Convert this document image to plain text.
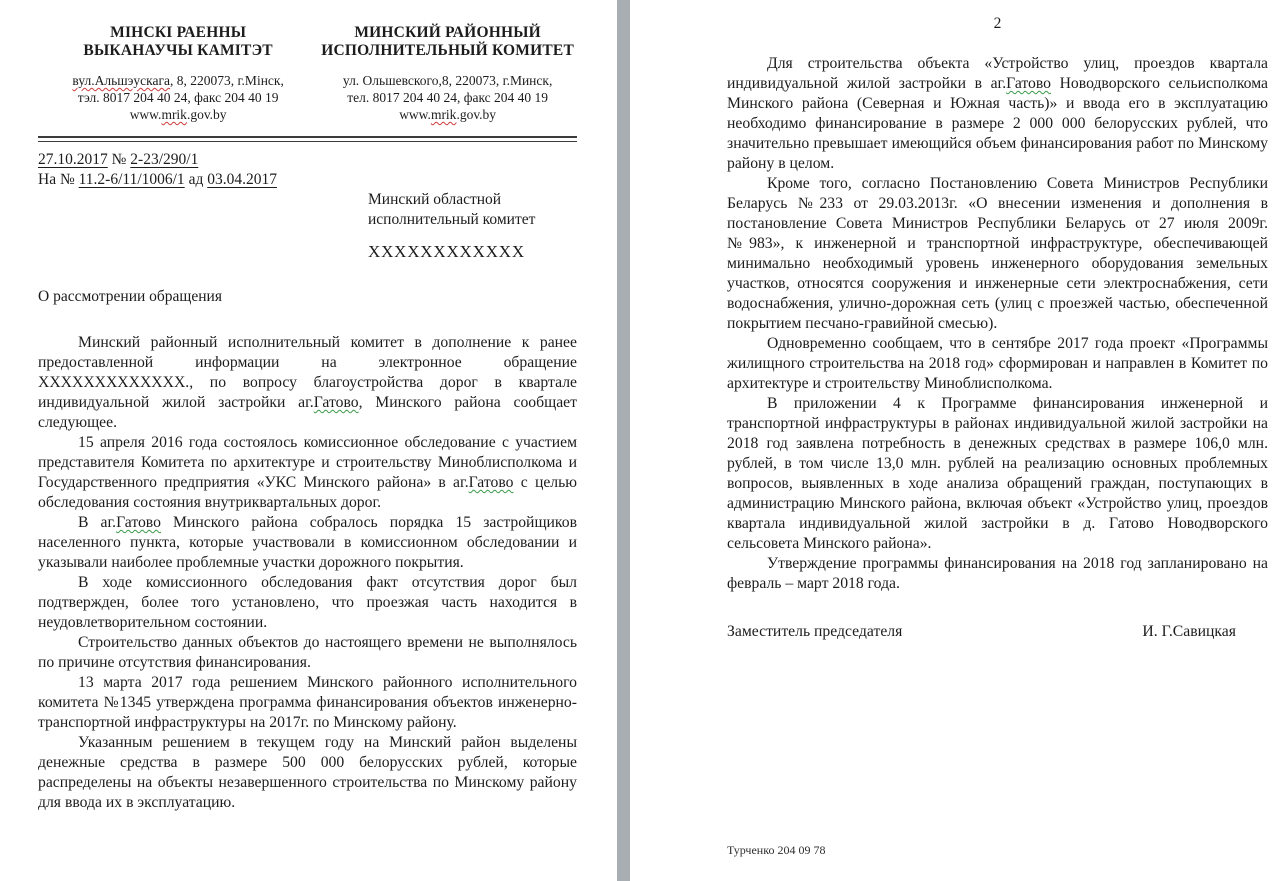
МІНСКІ РАЕННЫ
ВЫКАНАУЧЫ КАМІТЭТ
вул.Альшэускага, 8, 220073, г.Мінск,
тэл. 8017 204 40 24, факс 204 40 19
www.mrik.gov.by
МИНСКИЙ РАЙОННЫЙ
ИСПОЛНИТЕЛЬНЫЙ КОМИТЕТ
ул. Ольшевского,8, 220073, г.Минск,
тел. 8017 204 40 24, факс 204 40 19
www.mrik.gov.by
27.10.2017 № 2-23/290/1
На № 11.2-6/11/1006/1 ад 03.04.2017
Минский областной
исполнительный комитет
ХХХХХХХХХХХХ
О рассмотрении обращения

Минский районный исполнительный комитет в дополнение к ранее предоставленной информации на электронное обращение ХХХХХХХХХХХХХ., по вопросу благоустройства дорог в квартале индивидуальной жилой застройки аг.Гатово, Минского района сообщает следующее.

15 апреля 2016 года состоялось комиссионное обследование с участием представителя Комитета по архитектуре и строительству Миноблисполкома и Государственного предприятия «УКС Минского района» в аг.Гатово с целью обследования состояния внутриквартальных дорог.

В аг.Гатово Минского района собралось порядка 15 застройщиков населенного пункта, которые участвовали в комиссионном обследовании и указывали наиболее проблемные участки дорожного покрытия.

В ходе комиссионного обследования факт отсутствия дорог был подтвержден, более того установлено, что проезжая часть находится в неудовлетворительном состоянии.

Строительство данных объектов до настоящего времени не выполнялось по причине отсутствия финансирования.

13 марта 2017 года решением Минского районного исполнительного комитета №1345 утверждена программа финансирования объектов инженерно-транспортной инфраструктуры на 2017г. по Минскому району.

Указанным решением в текущем году на Минский район выделены денежные средства в размере 500 000 белорусских рублей, которые распределены на объекты незавершенного строительства по Минскому району для ввода их в эксплуатацию.

2

Для строительства объекта «Устройство улиц, проездов квартала индивидуальной жилой застройки в аг.Гатово Новодворского сельисполкома Минского района (Северная и Южная часть)» и ввода его в эксплуатацию необходимо финансирование в размере 2 000 000 белорусских рублей, что значительно превышает имеющийся объем финансирования работ по Минскому району в целом.

Кроме того, согласно Постановлению Совета Министров Республики Беларусь №233 от 29.03.2013г. «О внесении изменения и дополнения в постановление Совета Министров Республики Беларусь от 27 июля 2009г. №983», к инженерной и транспортной инфраструктуре, обеспечивающей минимально необходимый уровень инженерного оборудования земельных участков, относятся сооружения и инженерные сети электроснабжения, сети водоснабжения, улично-дорожная сеть (улиц с проезжей частью, обеспеченной покрытием песчано-гравийной смесью).

Одновременно сообщаем, что в сентябре 2017 года проект «Программы жилищного строительства на 2018 год» сформирован и направлен в Комитет по архитектуре и строительству Миноблисполкома.

В приложении 4 к Программе финансирования инженерной и транспортной инфраструктуры в районах индивидуальной жилой застройки на 2018 год заявлена потребность в денежных средствах в размере 106,0 млн. рублей, в том числе 13,0 млн. рублей на реализацию основных проблемных вопросов, выявленных в ходе анализа обращений граждан, поступающих в администрацию Минского района, включая объект «Устройство улиц, проездов квартала индивидуальной жилой застройки в д. Гатово Новодворского сельсовета Минского района».

Утверждение программы финансирования на 2018 год запланировано на февраль – март 2018 года.

Заместитель председателя	И. Г.Савицкая
Турченко 204 09 78
